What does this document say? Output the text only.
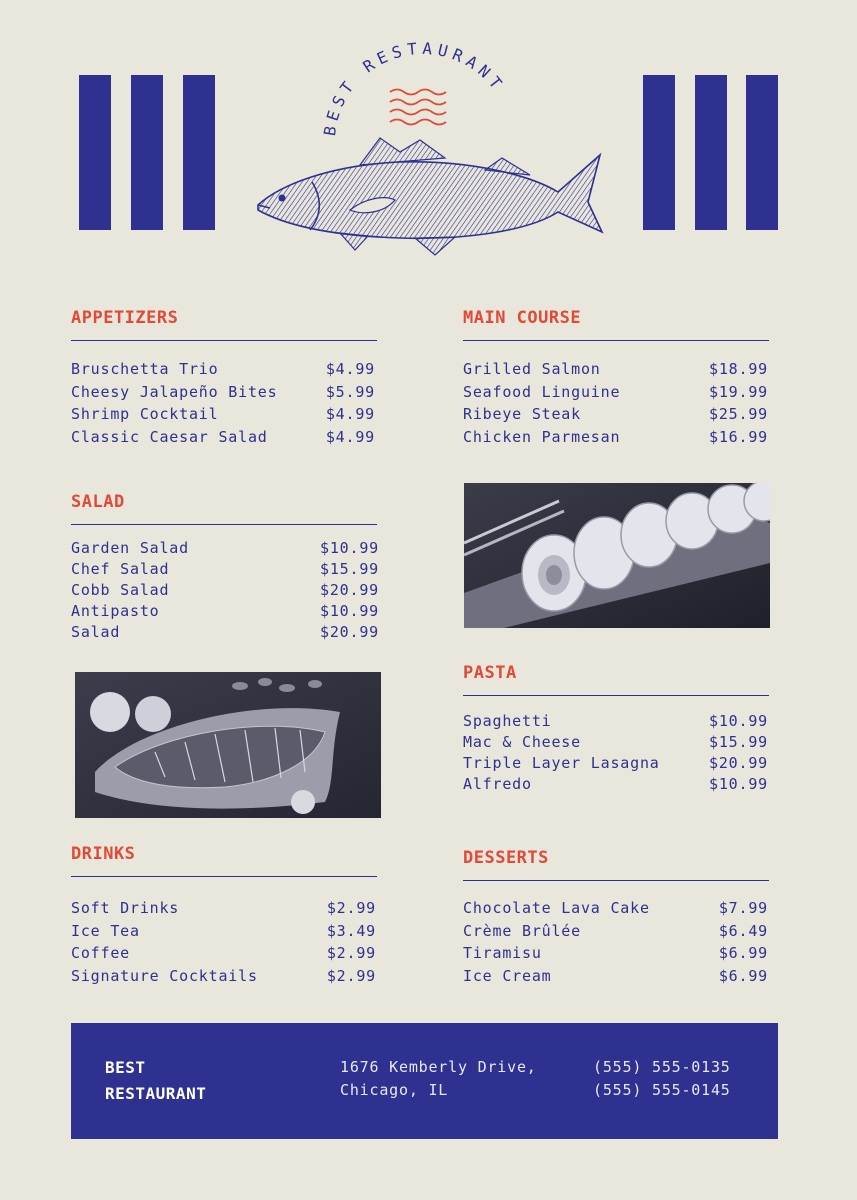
BEST RESTAURANT
APPETIZERS
Bruschetta Trio	$4.99
Cheesy Jalapeño Bites	$5.99
Shrimp Cocktail	$4.99
Classic Caesar Salad	$4.99
MAIN COURSE
Grilled Salmon	$18.99
Seafood Linguine	$19.99
Ribeye Steak	$25.99
Chicken Parmesan	$16.99
SALAD
Garden Salad	$10.99
Chef Salad	$15.99
Cobb Salad	$20.99
Antipasto	$10.99
Salad	$20.99
PASTA
Spaghetti	$10.99
Mac & Cheese	$15.99
Triple Layer Lasagna	$20.99
Alfredo	$10.99
DRINKS
Soft Drinks	$2.99
Ice Tea	$3.49
Coffee	$2.99
Signature Cocktails	$2.99
DESSERTS
Chocolate Lava Cake	$7.99
Crème Brûlée	$6.49
Tiramisu	$6.99
Ice Cream	$6.99
BEST
RESTAURANT
1676 Kemberly Drive,
Chicago, IL
(555) 555-0135
(555) 555-0145
